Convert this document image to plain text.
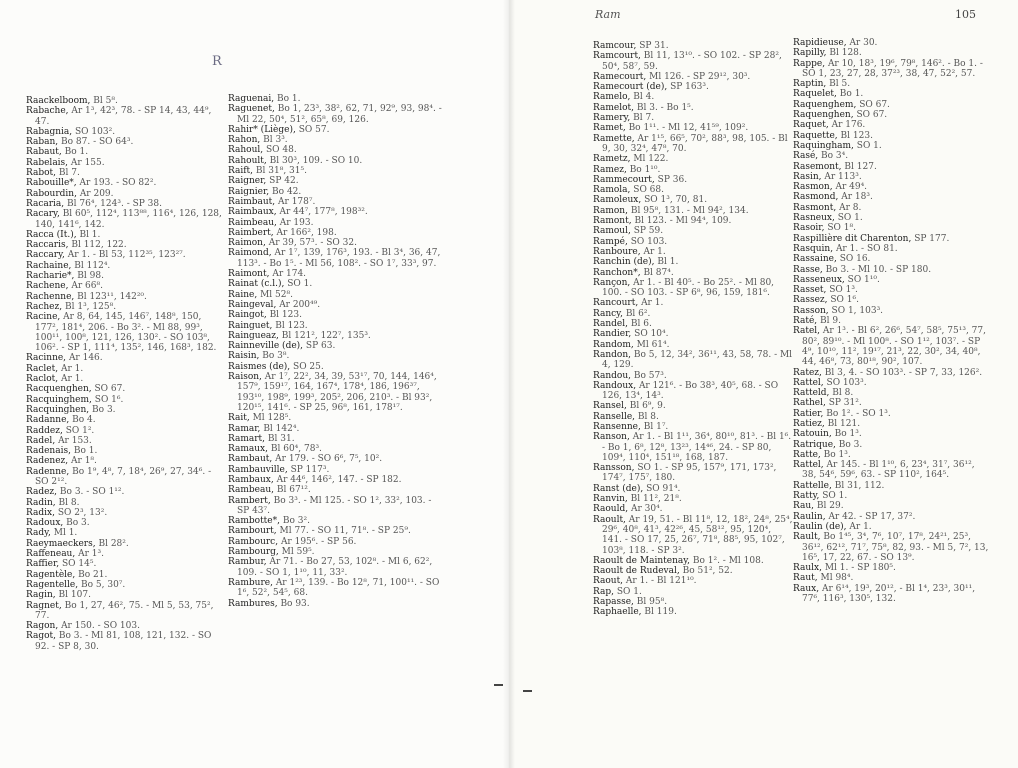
R

Raackelboom, Bl 5⁸.

Rabache, Ar 1³, 42³, 78. - SP 14, 43, 44⁹, 47.

Rabagnia, SO 103².

Raban, Bo 87. - SO 64³.

Rabaut, Bo 1.

Rabelais, Ar 155.

Rabot, Bl 7.

Rabouille*, Ar 193. - SO 82².

Rabourdin, Ar 209.

Racaria, Bl 76⁴, 124³. - SP 38.

Racary, Bl 60⁵, 112⁴, 113⁸⁸, 116⁴, 126, 128, 140, 141⁶, 142.

Racca (It.), Bl 1.

Raccaris, Bl 112, 122.

Raccary, Ar 1. - Bl 53, 112³⁵, 123²⁷.

Rachaine, Bl 112⁴.

Racharie*, Bl 98.

Rachene, Ar 66⁸.

Rachenne, Bl 123¹¹, 142²⁰.

Rachez, Bl 1³, 125⁸.

Racine, Ar 8, 64, 145, 146⁷, 148⁸, 150, 177², 181⁴, 206. - Bo 3². - Ml 88, 99³, 100¹¹, 100⁸, 121, 126, 130². - SO 103⁸, 106². - SP 1, 111⁴, 135², 146, 168³, 182.

Racinne, Ar 146.

Raclet, Ar 1.

Raclot, Ar 1.

Racquenghen, SO 67.

Racquinghem, SO 1⁶.

Racquinghen, Bo 3.

Radanne, Bo 4.

Raddez, SO 1².

Radel, Ar 153.

Radenais, Bo 1.

Radenez, Ar 1⁸.

Radenne, Bo 1⁹, 4⁸, 7, 18⁴, 26⁹, 27, 34⁶. - SO 2¹².

Radez, Bo 3. - SO 1¹².

Radin, Bl 8.

Radix, SO 2³, 13².

Radoux, Bo 3.

Rady, Ml 1.

Raeymaeckers, Bl 28².

Raffeneau, Ar 1³.

Raffier, SO 14⁵.

Ragentèle, Bo 21.

Ragentelle, Bo 5, 30⁷.

Ragin, Bl 107.

Ragnet, Bo 1, 27, 46², 75. - Ml 5, 53, 75², 77.

Ragon, Ar 150. - SO 103.

Ragot, Bo 3. - Ml 81, 108, 121, 132. - SO 92. - SP 8, 30.

Raguenai, Bo 1.

Raguenet, Bo 1, 23³, 38², 62, 71, 92⁹, 93, 98⁴. - Ml 22, 50⁴, 51², 65⁸, 69, 126.

Rahir* (Liège), SO 57.

Rahon, Bl 3³.

Rahoul, SO 48.

Rahoult, Bl 30³, 109. - SO 10.

Raift, Bl 31⁸, 31⁵.

Raigner, SP 42.

Raignier, Bo 42.

Raimbaut, Ar 178⁷.

Raimbaux, Ar 44⁷, 177⁸, 198³².

Raimbeau, Ar 193.

Raimbert, Ar 166², 198.

Raimon, Ar 39, 57³. - SO 32.

Raimond, Ar 1⁷, 139, 176³, 193. - Bl 3⁴, 36, 47, 113³. - Bo 1⁵. - Ml 56, 108². - SO 1⁷, 33³, 97.

Raimont, Ar 174.

Rainat (c.l.), SO 1.

Raine, Ml 52⁸.

Raingeval, Ar 200⁴⁹.

Raingot, Bl 123.

Rainguet, Bl 123.

Raingueaz, Bl 121², 122⁷, 135³.

Rainneville (de), SP 63.

Raisin, Bo 3⁸.

Raismes (de), SO 25.

Raison, Ar 1⁷, 22², 34, 39, 53¹⁷, 70, 144, 146⁴, 157⁹, 159¹⁷, 164, 167⁴, 178⁴, 186, 196³⁷, 193¹⁰, 198⁹, 199³, 205², 206, 210³. - Bl 93², 120¹⁵, 141⁶. - SP 25, 96⁸, 161, 178¹⁷.

Rait, Ml 128⁵.

Ramar, Bl 142⁴.

Ramart, Bl 31.

Ramaux, Bl 60⁴, 78³.

Rambaut, Ar 179. - SO 6⁶, 7⁵, 10².

Rambauville, SP 117³.

Rambaux, Ar 44⁶, 146², 147. - SP 182.

Rambeau, Bl 67¹².

Rambert, Bo 3³. - Ml 125. - SO 1², 33², 103. - SP 43⁷.

Rambotte*, Bo 3².

Rambourt, Ml 77. - SO 11, 71⁸. - SP 25⁹.

Rambourc, Ar 195⁶. - SP 56.

Rambourg, Ml 59⁵.

Rambur, Ar 71. - Bo 27, 53, 102⁸. - Ml 6, 62², 109. - SO 1, 1¹⁰, 11, 33².

Rambure, Ar 1²³, 139. - Bo 12⁸, 71, 100¹¹. - SO 1⁶, 52², 54⁵, 68.

Rambures, Bo 93.

Ram	105

Ramcour, SP 31.

Ramcourt, Bl 11, 13¹⁰. - SO 102. - SP 28², 50⁴, 58⁷, 59.

Ramecourt, Ml 126. - SP 29¹², 30³.

Ramecourt (de), SP 163³.

Ramelo, Bl 4.

Ramelot, Bl 3. - Bo 1⁵.

Ramery, Bl 7.

Ramet, Bo 1¹¹. - Ml 12, 41⁵⁹, 109².

Ramette, Ar 1¹⁵, 66⁵, 70², 88³, 98, 105. - Bl 9, 30, 32⁴, 47⁸, 70.

Rametz, Ml 122.

Ramez, Bo 1¹⁰.

Rammecourt, SP 36.

Ramola, SO 68.

Ramoleux, SO 1³, 70, 81.

Ramon, Bl 95⁸, 131. - Ml 94², 134.

Ramont, Bl 123. - Ml 94⁴, 109.

Ramoul, SP 59.

Rampé, SO 103.

Ranboure, Ar 1.

Ranchin (de), Bl 1.

Ranchon*, Bl 87⁴.

Rançon, Ar 1. - Bl 40⁵. - Bo 25². - Ml 80, 100. - SO 103. - SP 6⁸, 96, 159, 181⁶.

Rancourt, Ar 1.

Rancy, Bl 6².

Randel, Bl 6.

Randier, SO 10⁴.

Random, Ml 61⁴.

Randon, Bo 5, 12, 34², 36¹¹, 43, 58, 78. - Ml 4, 129.

Randou, Bo 57³.

Randoux, Ar 121⁶. - Bo 38³, 40⁵, 68. - SO 126, 13⁴, 14³.

Ransel, Bl 6⁹, 9.

Ranselle, Bl 8.

Ransenne, Bl 1⁷.

Ranson, Ar 1. - Bl 1¹¹, 36⁴, 80¹⁰, 81³. - Bl 1⁶. - Bo 1, 6⁸, 12⁸, 13²³, 14⁴⁶, 24. - SP 80, 109⁴, 110⁴, 151¹⁸, 168, 187.

Ransson, SO 1. - SP 95, 157⁹, 171, 173², 174⁷, 175⁷, 180.

Ranst (de), SO 91⁴.

Ranvin, Bl 11², 21⁸.

Raould, Ar 30⁴.

Raoult, Ar 19, 51. - Bl 11⁸, 12, 18², 24⁸, 25⁴, 29⁶, 40⁸, 41³, 42²⁶, 45, 58¹², 95, 120⁴, 141. - SO 17, 25, 26⁷, 71⁸, 88⁵, 95, 102⁷, 103⁸, 118. - SP 3².

Raoult de Maintenay, Bo 1². - Ml 108.

Raoult de Rudeval, Bo 51², 52.

Raout, Ar 1. - Bl 121¹⁰.

Rap, SO 1.

Rapasse, Bl 95⁸.

Raphaelle, Bl 119.

Rapidieuse, Ar 30.

Rapilly, Bl 128.

Rappe, Ar 10, 18³, 19⁶, 79⁸, 146². - Bo 1. - SO 1, 23, 27, 28, 37²³, 38, 47, 52², 57.

Raptin, Bl 5.

Raquelet, Bo 1.

Raquenghem, SO 67.

Raquenghen, SO 67.

Raquet, Ar 176.

Raquette, Bl 123.

Raquingham, SO 1.

Rasé, Bo 3⁴.

Rasemont, Bl 127.

Rasin, Ar 113³.

Rasmon, Ar 49⁴.

Rasmond, Ar 18³.

Rasmont, Ar 8.

Rasneux, SO 1.

Rasoir, SO 1⁸.

Raspillière dit Charenton, SP 177.

Rasquin, Ar 1. - SO 81.

Rassaine, SO 16.

Rasse, Bo 3. - Ml 10. - SP 180.

Rasseneux, SO 1¹⁰.

Rasset, SO 1³.

Rassez, SO 1⁶.

Rasson, SO 1, 103³.

Raté, Bl 9.

Ratel, Ar 1³. - Bl 6², 26⁶, 54⁷, 58⁵, 75¹³, 77, 80², 89¹⁰. - Ml 100⁸. - SO 1¹², 103⁷. - SP 4⁹, 10¹⁰, 11², 19¹⁷, 21³, 22, 30², 34, 40⁸, 44, 46⁸, 73, 80¹⁸, 90², 107.

Ratez, Bl 3, 4. - SO 103³. - SP 7, 33, 126².

Rattel, SO 103³.

Ratteld, Bl 8.

Rathel, SP 31².

Ratier, Bo 1². - SO 1³.

Ratiez, Bl 121.

Ratouin, Bo 1³.

Ratrique, Bo 3.

Ratte, Bo 1³.

Rattel, Ar 145. - Bl 1¹⁰, 6, 23⁴, 31⁷, 36¹², 38, 54⁶, 59⁶, 63. - SP 110², 164⁵.

Rattelle, Bl 31, 112.

Ratty, SO 1.

Rau, Bl 29.

Raulin, Ar 42. - SP 17, 37².

Raulin (de), Ar 1.

Rault, Bo 1⁴⁵, 3⁴, 7⁶, 10⁷, 17⁸, 24²¹, 25³, 36¹², 62¹², 71⁷, 75⁸, 82, 93. - Ml 5, 7², 13, 16⁵, 17, 22, 67. - SO 13⁹.

Raulx, Ml 1. - SP 180⁵.

Raut, Ml 98⁴.

Raux, Ar 6¹⁴, 19³, 20¹², - Bl 1⁴, 23³, 30¹¹, 77⁶, 116³, 130⁵, 132.
